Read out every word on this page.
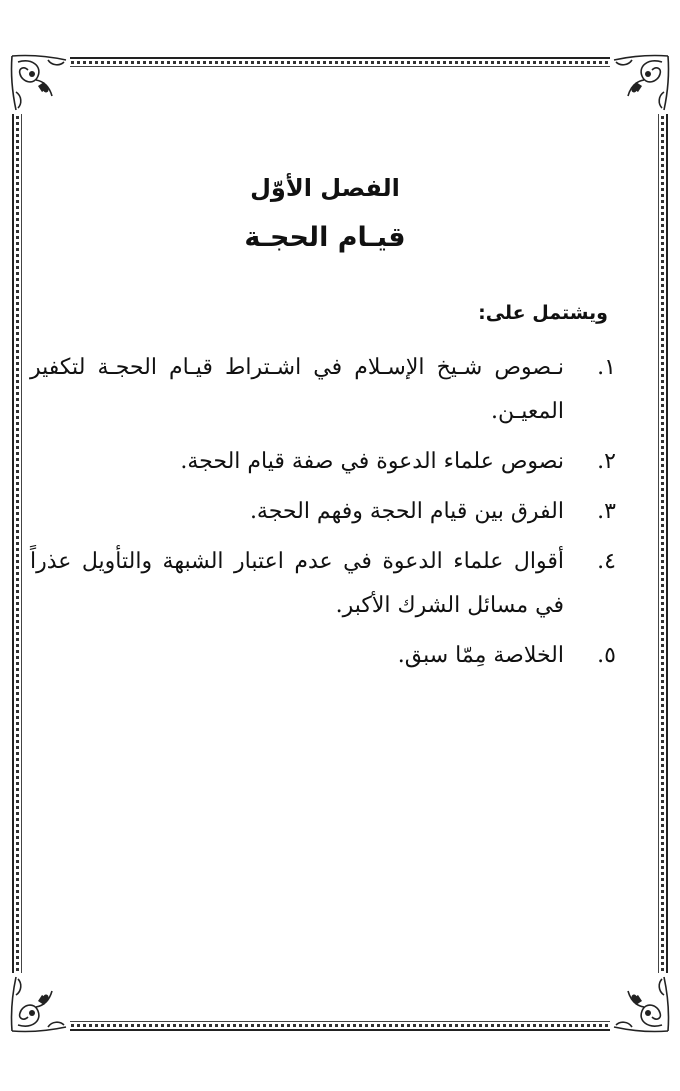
الفصل الأوّل
قيـام الحجـة
ويشتمل على:
١.
نـصوص شـيخ الإسـلام في اشـتراط قيـام الحجـة لتكفير المعيـن.
٢.
نصوص علماء الدعوة في صفة قيام الحجة.
٣.
الفرق بين قيام الحجة وفهم الحجة.
٤.
أقوال علماء الدعوة في عدم اعتبار الشبهة والتأويل عذراً في مسائل الشرك الأكبر.
٥.
الخلاصة مِمّا سبق.
